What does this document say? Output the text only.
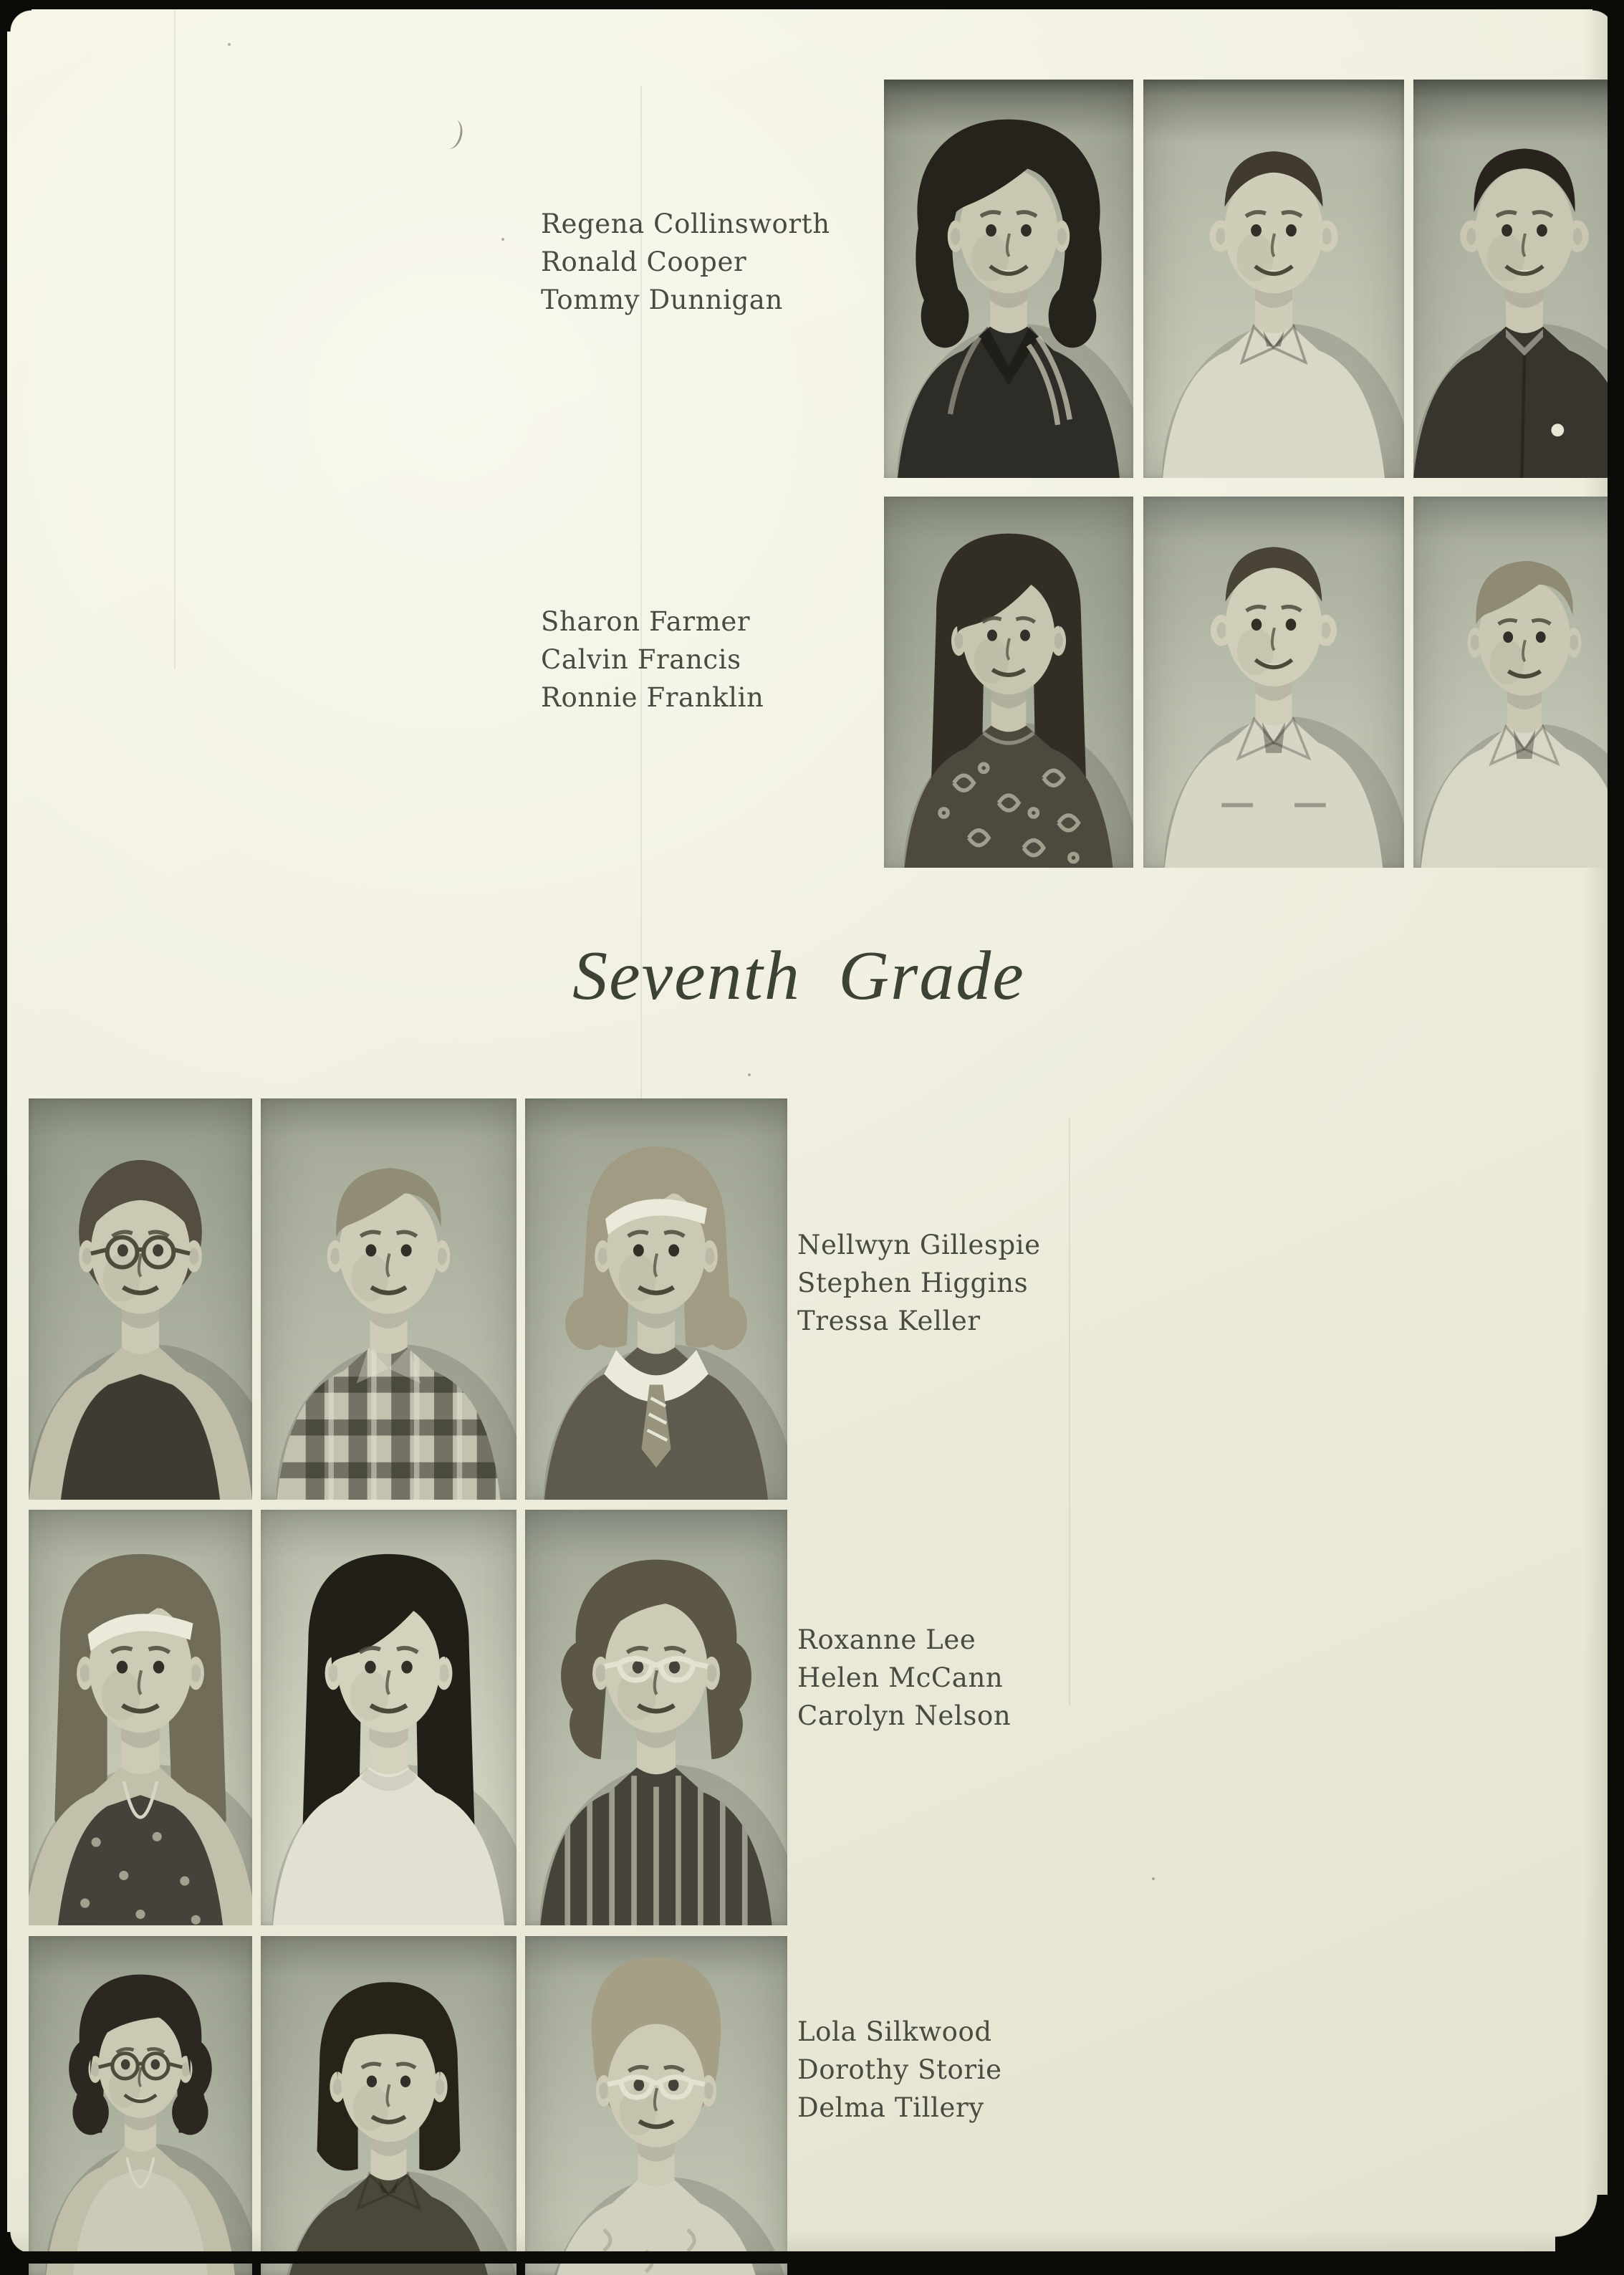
Regena Collinsworth
Ronald Cooper
Tommy Dunnigan
Sharon Farmer
Calvin Francis
Ronnie Franklin
Seventh Grade
Nellwyn Gillespie
Stephen Higgins
Tressa Keller
Roxanne Lee
Helen McCann
Carolyn Nelson
Lola Silkwood
Dorothy Storie
Delma Tillery
